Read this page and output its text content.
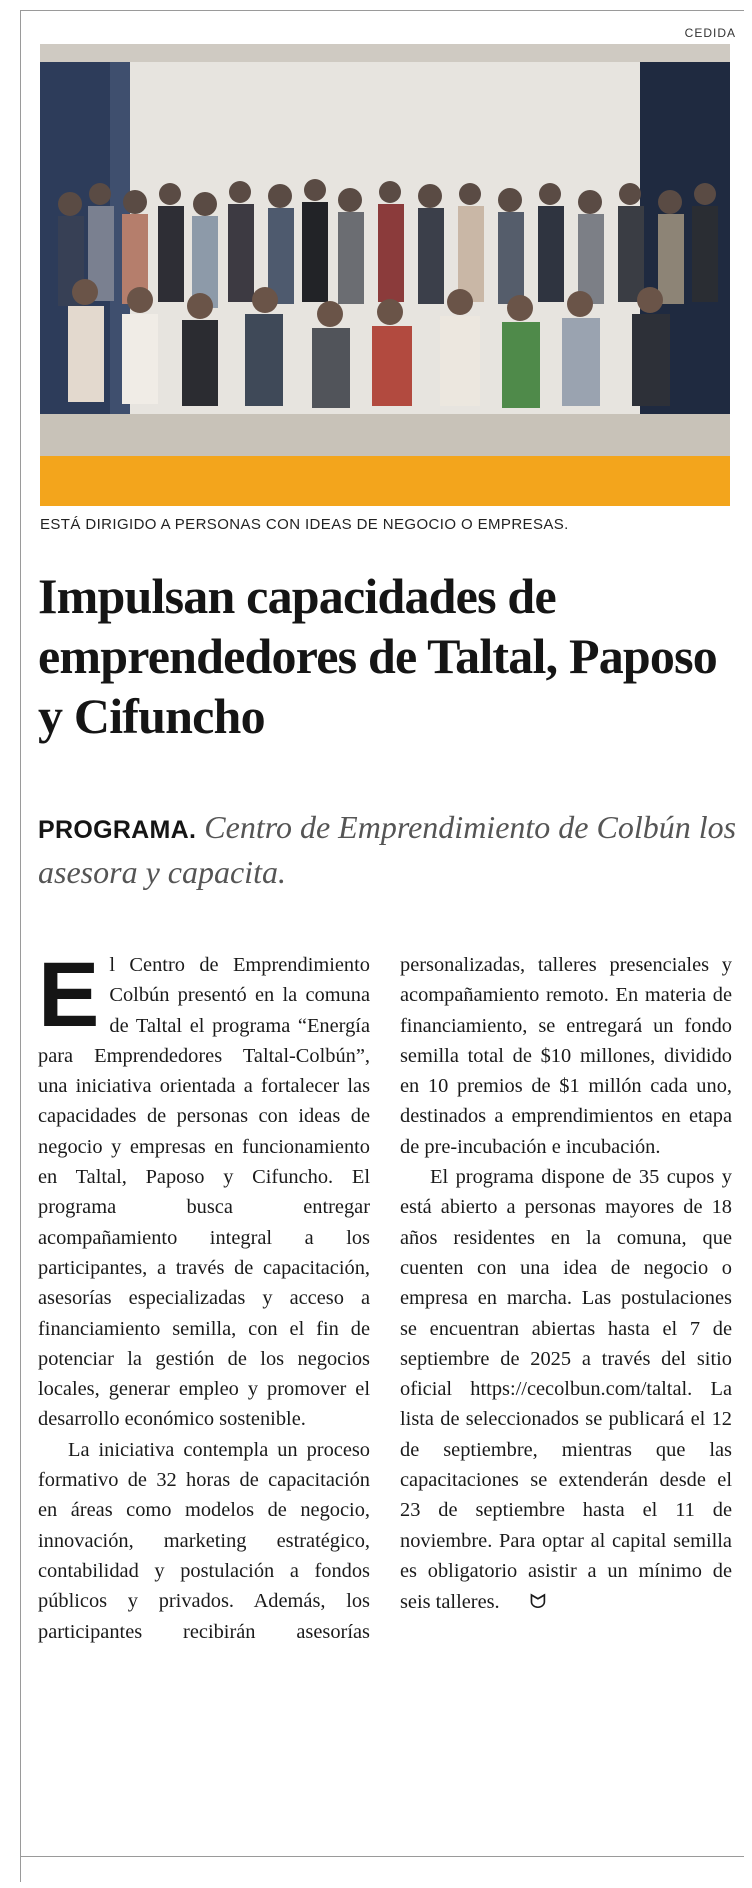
CEDIDA
ESTÁ DIRIGIDO A PERSONAS CON IDEAS DE NEGOCIO O EMPRESAS.
Impulsan capacidades de emprendedores de Taltal, Paposo y Cifuncho
PROGRAMA. Centro de Emprendimiento de Colbún los asesora y capacita.

El Centro de Emprendimiento Colbún presentó en la comuna de Taltal el programa “Energía para Emprendedores Taltal-Colbún”, una iniciativa orientada a fortalecer las capacidades de personas con ideas de negocio y empresas en funcionamiento en Taltal, Paposo y Cifuncho. El programa busca entregar acompañamiento integral a los participantes, a través de capacitación, asesorías especializadas y acceso a financiamiento semilla, con el fin de potenciar la gestión de los negocios locales, generar empleo y promover el desarrollo económico sostenible.

La iniciativa contempla un proceso formativo de 32 horas de capacitación en áreas como modelos de negocio, innovación, marketing estratégico, contabilidad y postulación a fondos públicos y privados. Además, los participantes recibirán asesorías personalizadas, talleres presenciales y acompañamiento remoto. En materia de financiamiento, se entregará un fondo semilla total de $10 millones, dividido en 10 premios de $1 millón cada uno, destinados a emprendimientos en etapa de pre-incubación e incubación.

El programa dispone de 35 cupos y está abierto a personas mayores de 18 años residentes en la comuna, que cuenten con una idea de negocio o empresa en marcha. Las postulaciones se encuentran abiertas hasta el 7 de septiembre de 2025 a través del sitio oficial https://cecolbun.com/taltal. La lista de seleccionados se publicará el 12 de septiembre, mientras que las capacitaciones se extenderán desde el 23 de septiembre hasta el 11 de noviembre. Para optar al capital semilla es obligatorio asistir a un mínimo de seis talleres. ᗢ
